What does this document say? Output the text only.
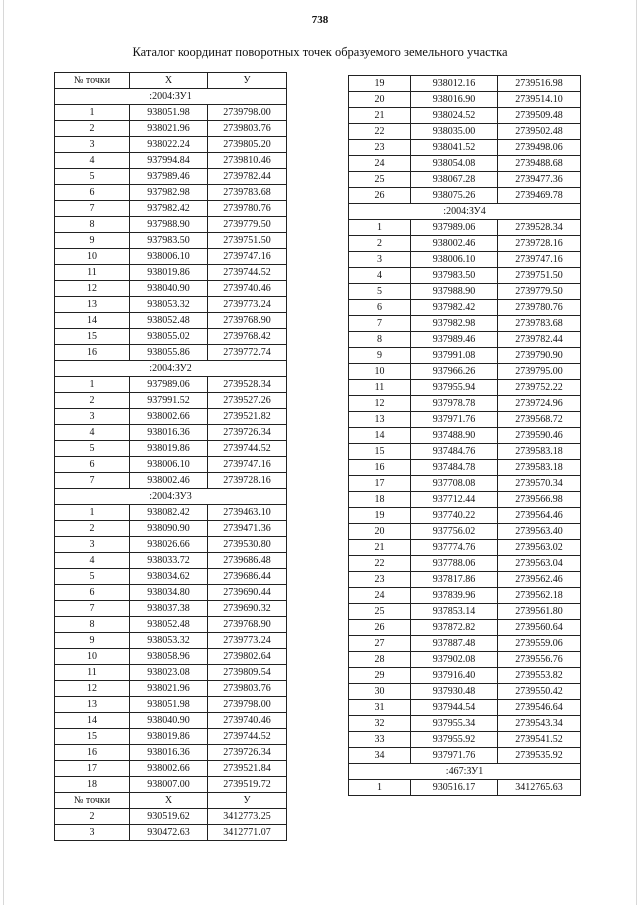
738
Каталог координат поворотных точек образуемого земельного участка
№ точки	X	У
:2004:ЗУ1		
1	938051.98	2739798.00
2	938021.96	2739803.76
3	938022.24	2739805.20
4	937994.84	2739810.46
5	937989.46	2739782.44
6	937982.98	2739783.68
7	937982.42	2739780.76
8	937988.90	2739779.50
9	937983.50	2739751.50
10	938006.10	2739747.16
11	938019.86	2739744.52
12	938040.90	2739740.46
13	938053.32	2739773.24
14	938052.48	2739768.90
15	938055.02	2739768.42
16	938055.86	2739772.74
:2004:ЗУ2		
1	937989.06	2739528.34
2	937991.52	2739527.26
3	938002.66	2739521.82
4	938016.36	2739726.34
5	938019.86	2739744.52
6	938006.10	2739747.16
7	938002.46	2739728.16
:2004:ЗУ3		
1	938082.42	2739463.10
2	938090.90	2739471.36
3	938026.66	2739530.80
4	938033.72	2739686.48
5	938034.62	2739686.44
6	938034.80	2739690.44
7	938037.38	2739690.32
8	938052.48	2739768.90
9	938053.32	2739773.24
10	938058.96	2739802.64
11	938023.08	2739809.54
12	938021.96	2739803.76
13	938051.98	2739798.00
14	938040.90	2739740.46
15	938019.86	2739744.52
16	938016.36	2739726.34
17	938002.66	2739521.84
18	938007.00	2739519.72
№ точки	X	У
2	930519.62	3412773.25
3	930472.63	3412771.07
19	938012.16	2739516.98
20	938016.90	2739514.10
21	938024.52	2739509.48
22	938035.00	2739502.48
23	938041.52	2739498.06
24	938054.08	2739488.68
25	938067.28	2739477.36
26	938075.26	2739469.78
:2004:ЗУ4		
1	937989.06	2739528.34
2	938002.46	2739728.16
3	938006.10	2739747.16
4	937983.50	2739751.50
5	937988.90	2739779.50
6	937982.42	2739780.76
7	937982.98	2739783.68
8	937989.46	2739782.44
9	937991.08	2739790.90
10	937966.26	2739795.00
11	937955.94	2739752.22
12	937978.78	2739724.96
13	937971.76	2739568.72
14	937488.90	2739590.46
15	937484.76	2739583.18
16	937484.78	2739583.18
17	937708.08	2739570.34
18	937712.44	2739566.98
19	937740.22	2739564.46
20	937756.02	2739563.40
21	937774.76	2739563.02
22	937788.06	2739563.04
23	937817.86	2739562.46
24	937839.96	2739562.18
25	937853.14	2739561.80
26	937872.82	2739560.64
27	937887.48	2739559.06
28	937902.08	2739556.76
29	937916.40	2739553.82
30	937930.48	2739550.42
31	937944.54	2739546.64
32	937955.34	2739543.34
33	937955.92	2739541.52
34	937971.76	2739535.92
:467:ЗУ1		
1	930516.17	3412765.63
